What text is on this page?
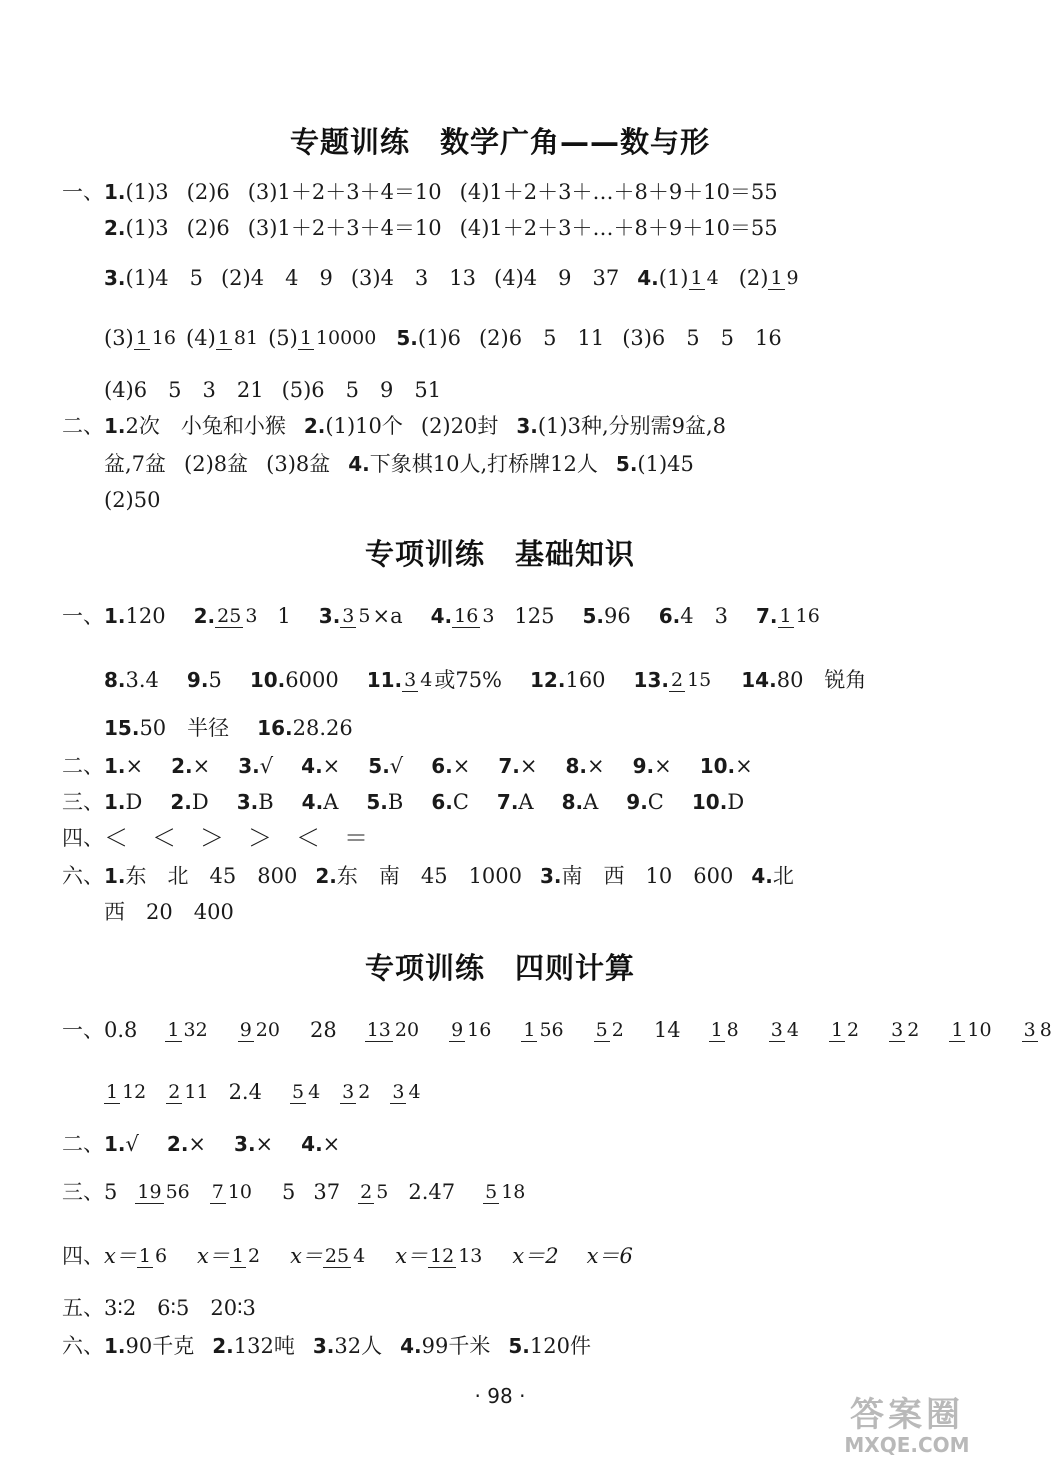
专题训练　数学广角——数与形
一、 1. (1)3 (2)6 (3)1＋2＋3＋4＝10 (4)1＋2＋3＋…＋8＋9＋10＝55
2. (1)3 (2)6 (3)1＋2＋3＋4＝10 (4)1＋2＋3＋…＋8＋9＋10＝55
3. (1)4　5 (2)4　4　9 (3)4　3　13 (4)4　9　37 4. (1) 1 4 (2) 1 9
(3) 1 16 (4) 1 81 (5) 1 10000 5. (1)6 (2)6　5　11 (3)6　5　5　16
(4)6　5　3　21 (5)6　5　9　51
二、 1. 2次　小兔和小猴 2. (1)10个 (2)20封 3. (1)3种,分别需9盆,8
盆,7盆 (2)8盆 (3)8盆 4. 下象棋10人,打桥牌12人 5. (1)45
(2)50
专项训练　基础知识
一、 1. 120 2. 25 3 1 3. 3 5 ×a 4. 16 3 125 5. 96 6. 4　3 7. 1 16
8. 3.4 9. 5 10. 6000 11. 3 4 或75% 12. 160 13. 2 15 14. 80　锐角
15. 50　半径 16. 28.26
二、 1. × 2. × 3. √ 4. × 5. √ 6. × 7. × 8. × 9. × 10. ×
三、 1. D 2. D 3. B 4. A 5. B 6. C 7. A 8. A 9. C 10. D
四、 ＜　＜　＞　＞　＜　＝
六、 1. 东　北　45　800 2. 东　南　45　1000 3. 南　西　10　600 4. 北
西　20　400
专项训练　四则计算
一、 0.8 1 32 9 20 28 13 20 9 16 1 56 5 2 14 1 8 3 4 1 2 3 2 1 10 3 8
1 12 2 11 2.4 5 4 3 2 3 4
二、 1. √ 2. × 3. × 4. ×
三、 5 19 56 7 10 5 37 2 5 2.47 5 18
四、 x＝ 1 6 x＝ 1 2 x＝ 25 4 x＝ 12 13 x＝2 x＝6
五、 3∶2　6∶5　20∶3
六、 1. 90千克 2. 132吨 3. 32人 4. 99千米 5. 120件
· 98 ·	答案圈
MXQE.COM
